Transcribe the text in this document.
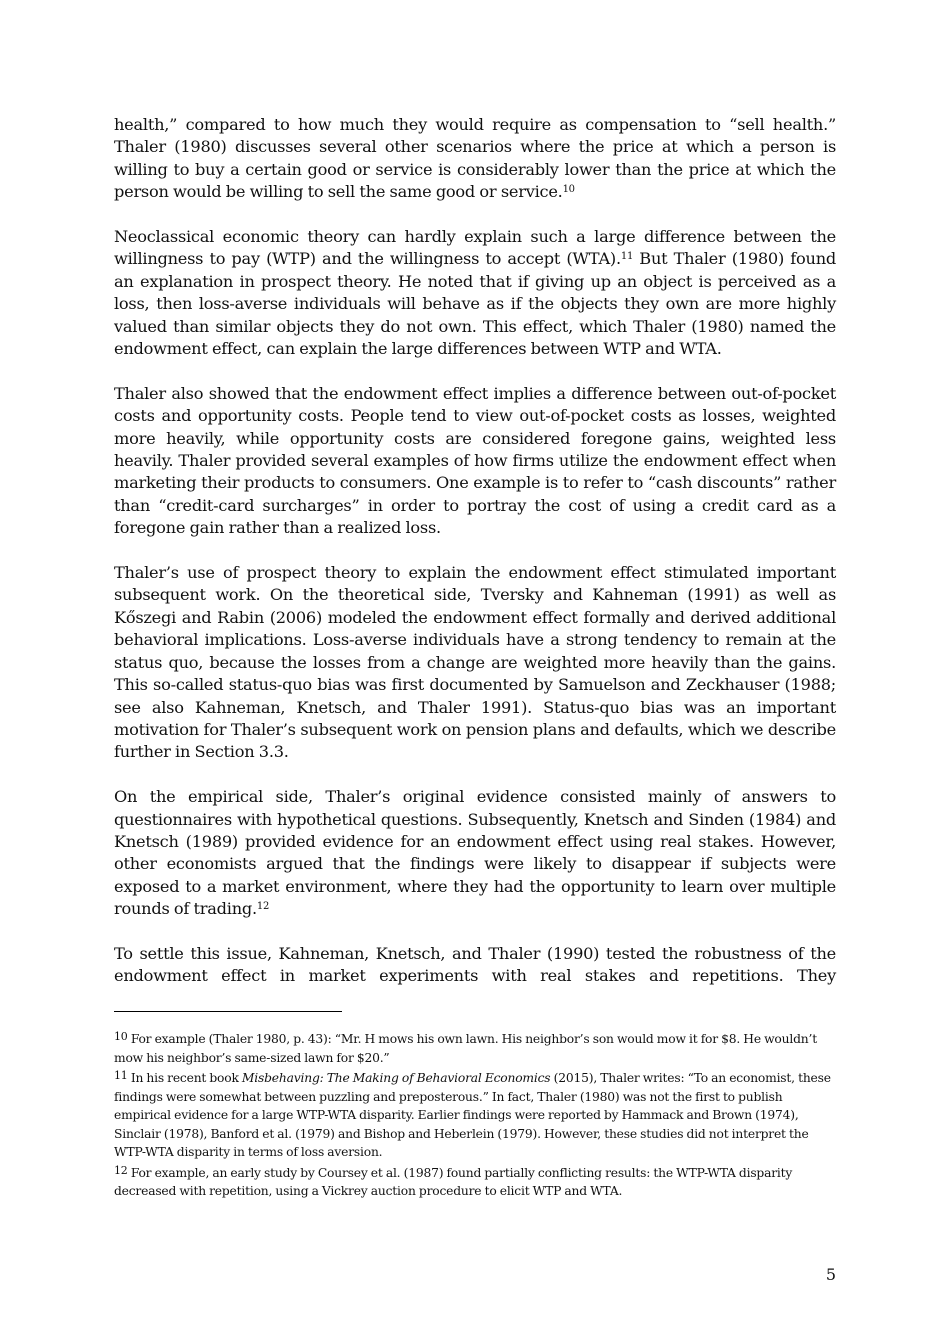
health,” compared to how much they would require as compensation to “sell health.” Thaler (1980) discusses several other scenarios where the price at which a person is willing to buy a certain good or service is considerably lower than the price at which the person would be willing to sell the same good or service.$^{10}$

Neoclassical economic theory can hardly explain such a large difference between the willingness to pay (WTP) and the willingness to accept (WTA).$^{11}$ But Thaler (1980) found an explanation in prospect theory. He noted that if giving up an object is perceived as a loss, then loss-averse individuals will behave as if the objects they own are more highly valued than similar objects they do not own. This effect, which Thaler (1980) named the endowment effect, can explain the large differences between WTP and WTA.

Thaler also showed that the endowment effect implies a difference between out-of-pocket costs and opportunity costs. People tend to view out-of-pocket costs as losses, weighted more heavily, while opportunity costs are considered foregone gains, weighted less heavily. Thaler provided several examples of how firms utilize the endowment effect when marketing their products to consumers. One example is to refer to “cash discounts” rather than “credit-card surcharges” in order to portray the cost of using a credit card as a foregone gain rather than a realized loss.

Thaler’s use of prospect theory to explain the endowment effect stimulated important subsequent work. On the theoretical side, Tversky and Kahneman (1991) as well as Kőszegi and Rabin (2006) modeled the endowment effect formally and derived additional behavioral implications. Loss-averse individuals have a strong tendency to remain at the status quo, because the losses from a change are weighted more heavily than the gains. This so-called status-quo bias was first documented by Samuelson and Zeckhauser (1988; see also Kahneman, Knetsch, and Thaler 1991). Status-quo bias was an important motivation for Thaler’s subsequent work on pension plans and defaults, which we describe further in Section 3.3.

On the empirical side, Thaler’s original evidence consisted mainly of answers to questionnaires with hypothetical questions. Subsequently, Knetsch and Sinden (1984) and Knetsch (1989) provided evidence for an endowment effect using real stakes. However, other economists argued that the findings were likely to disappear if subjects were exposed to a market environment, where they had the opportunity to learn over multiple rounds of trading.$^{12}$

To settle this issue, Kahneman, Knetsch, and Thaler (1990) tested the robustness of the endowment effect in market experiments with real stakes and repetitions. They

$^{10}$ For example (Thaler 1980, p. 43): “Mr. H mows his own lawn. His neighbor’s son would mow it for $8. He wouldn’t mow his neighbor’s same-sized lawn for $20.”

$^{11}$ In his recent book Misbehaving: The Making of Behavioral Economics (2015), Thaler writes: “To an economist, these findings were somewhat between puzzling and preposterous.” In fact, Thaler (1980) was not the first to publish empirical evidence for a large WTP-WTA disparity. Earlier findings were reported by Hammack and Brown (1974), Sinclair (1978), Banford et al. (1979) and Bishop and Heberlein (1979). However, these studies did not interpret the WTP-WTA disparity in terms of loss aversion.

$^{12}$ For example, an early study by Coursey et al. (1987) found partially conflicting results: the WTP-WTA disparity decreased with repetition, using a Vickrey auction procedure to elicit WTP and WTA.

5
